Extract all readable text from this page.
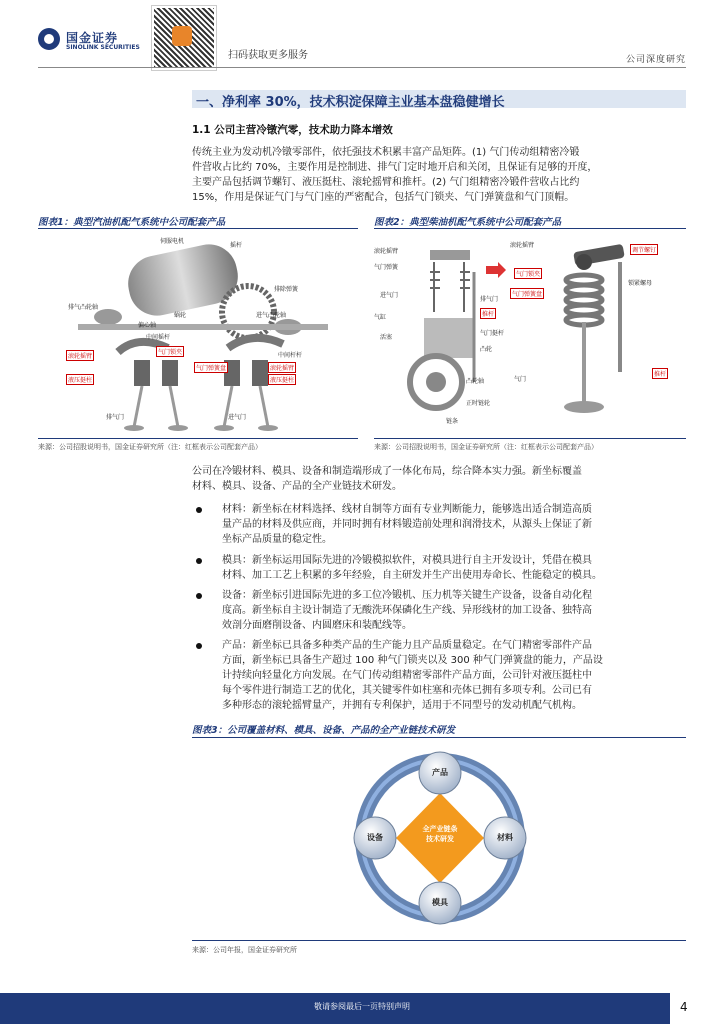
国金证券
SINOLINK SECURITIES
扫码获取更多服务	公司深度研究
一、净利率 30%，技术积淀保障主业基本盘稳健增长
1.1 公司主营冷镦汽零，技术助力降本增效
传统主业为发动机冷镦零部件，依托强技术积累丰富产品矩阵。(1) 气门传动组精密冷锻
件营收占比约 70%，主要作用是控制进、排气门定时地开启和关闭，且保证有足够的开度，
主要产品包括调节螺钉、液压挺柱、滚轮摇臂和推杆。(2) 气门组精密冷锻件营收占比约
15%，作用是保证气门与气门座的严密配合，包括气门锁夹、气门弹簧盘和气门顶帽。
图表1：典型汽油机配气系统中公司配套产品
伺服电机
摇杆
排气凸轮轴
偏心轴
中间摇杆
蜗轮	进气凸轮轴
排除弹簧
中间杆杆
排气门	进气门
滚轮摇臂
气门锁夹
气门弹簧盘
液压挺柱
滚轮摇臂
液压挺柱
来源：公司招股说明书，国金证券研究所（注：红框表示公司配套产品）
图表2：典型柴油机配气系统中公司配套产品
滚轮摇臂
气门弹簧
进气门
气缸
活塞
排气门
气门挺杆
凸轮
凸轮轴
正时链轮
链条
推杆
滚轮摇臂
锁紧螺母
气门
调节螺钉
气门锁夹
气门弹簧盘
推杆
来源：公司招股说明书，国金证券研究所（注：红框表示公司配套产品）
公司在冷锻材料、模具、设备和制造端形成了一体化布局，综合降本实力强。新坐标覆盖
材料、模具、设备、产品的全产业链技术研发。
材料：新坐标在材料选择、线材自制等方面有专业判断能力，能够选出适合制造高质
量产品的材料及供应商，并同时拥有材料锻造前处理和润滑技术，从源头上保证了新
坐标产品质量的稳定性。
模具：新坐标运用国际先进的冷锻模拟软件，对模具进行自主开发设计，凭借在模具
材料、加工工艺上积累的多年经验，自主研发并生产出使用寿命长、性能稳定的模具。
设备：新坐标引进国际先进的多工位冷锻机、压力机等关键生产设备，设备自动化程
度高。新坐标自主设计制造了无酸洗环保磷化生产线、异形线材的加工设备、独特高
效剖分面磨削设备、内圆磨床和装配线等。
产品：新坐标已具备多种类产品的生产能力且产品质量稳定。在气门精密零部件产品
方面，新坐标已具备生产超过 100 种气门锁夹以及 300 种气门弹簧盘的能力，产品设
计持续向轻量化方向发展。在气门传动组精密零部件产品方面，公司针对液压挺柱中
每个零件进行制造工艺的优化，其关键零件如柱塞和壳体已拥有多项专利。公司已有
多种形态的滚轮摇臂量产，并拥有专利保护，适用于不同型号的发动机配气机构。
图表3：公司覆盖材料、模具、设备、产品的全产业链技术研发
全产业链条
技术研发
产品
材料
模具
设备
来源：公司年报，国金证券研究所
敬请参阅最后一页特别声明	4
